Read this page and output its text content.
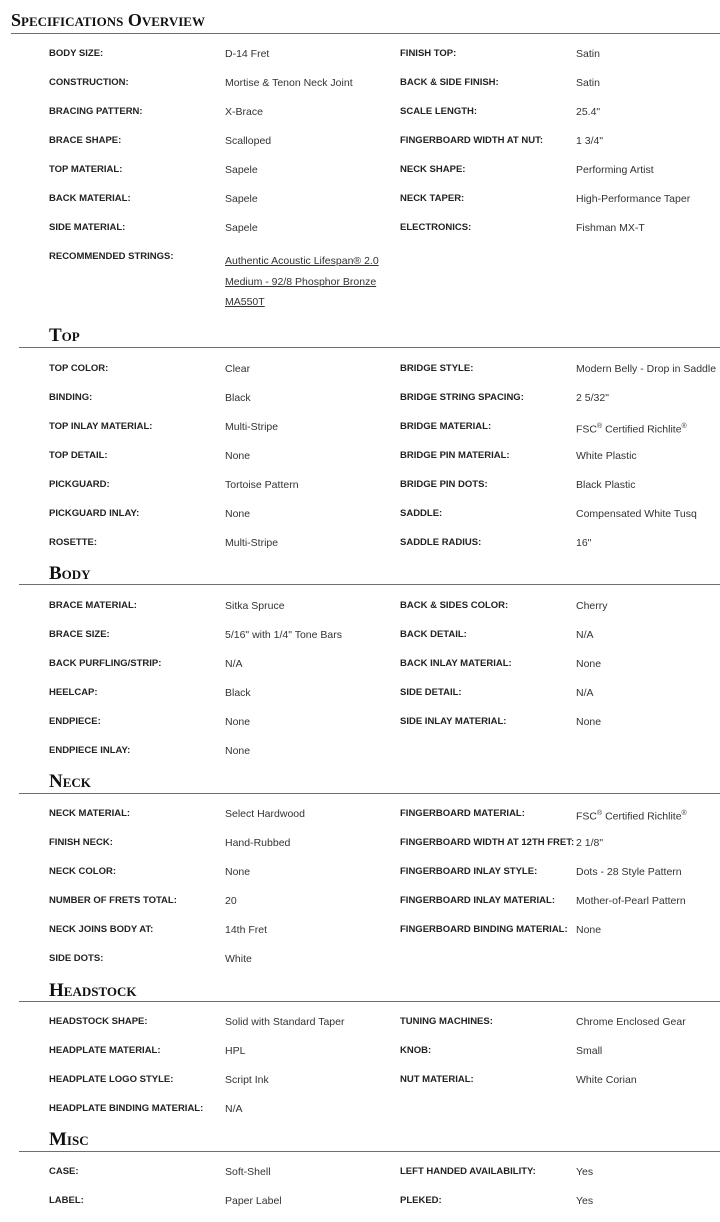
Specifications Overview
BODY SIZE:	D-14 Fret	FINISH TOP:	Satin
CONSTRUCTION:	Mortise & Tenon Neck Joint	BACK & SIDE FINISH:	Satin
BRACING PATTERN:	X-Brace	SCALE LENGTH:	25.4"
BRACE SHAPE:	Scalloped	FINGERBOARD WIDTH AT NUT:	1 3/4"
TOP MATERIAL:	Sapele	NECK SHAPE:	Performing Artist
BACK MATERIAL:	Sapele	NECK TAPER:	High-Performance Taper
SIDE MATERIAL:	Sapele	ELECTRONICS:	Fishman MX-T
RECOMMENDED STRINGS:	Authentic Acoustic Lifespan® 2.0
Medium - 92/8 Phosphor Bronze
MA550T
Top
TOP COLOR:	Clear	BRIDGE STYLE:	Modern Belly - Drop in Saddle
BINDING:	Black	BRIDGE STRING SPACING:	2 5/32"
TOP INLAY MATERIAL:	Multi-Stripe	BRIDGE MATERIAL:	FSC® Certified Richlite®
TOP DETAIL:	None	BRIDGE PIN MATERIAL:	White Plastic
PICKGUARD:	Tortoise Pattern	BRIDGE PIN DOTS:	Black Plastic
PICKGUARD INLAY:	None	SADDLE:	Compensated White Tusq
ROSETTE:	Multi-Stripe	SADDLE RADIUS:	16"
Body
BRACE MATERIAL:	Sitka Spruce	BACK & SIDES COLOR:	Cherry
BRACE SIZE:	5/16" with 1/4" Tone Bars	BACK DETAIL:	N/A
BACK PURFLING/STRIP:	N/A	BACK INLAY MATERIAL:	None
HEELCAP:	Black	SIDE DETAIL:	N/A
ENDPIECE:	None	SIDE INLAY MATERIAL:	None
ENDPIECE INLAY:	None
Neck
NECK MATERIAL:	Select Hardwood	FINGERBOARD MATERIAL:	FSC® Certified Richlite®
FINISH NECK:	Hand-Rubbed	FINGERBOARD WIDTH AT 12TH FRET: 2 1/8"
NECK COLOR:	None	FINGERBOARD INLAY STYLE:	Dots - 28 Style Pattern
NUMBER OF FRETS TOTAL:	20	FINGERBOARD INLAY MATERIAL: Mother-of-Pearl Pattern
NECK JOINS BODY AT:	14th Fret	FINGERBOARD BINDING MATERIAL: None
SIDE DOTS:	White
Headstock
HEADSTOCK SHAPE:	Solid with Standard Taper	TUNING MACHINES:	Chrome Enclosed Gear
HEADPLATE MATERIAL:	HPL	KNOB:	Small
HEADPLATE LOGO STYLE:	Script Ink	NUT MATERIAL:	White Corian
HEADPLATE BINDING MATERIAL: N/A
Misc
CASE:	Soft-Shell	LEFT HANDED AVAILABILITY:	Yes
LABEL:	Paper Label	PLEKED:	Yes
